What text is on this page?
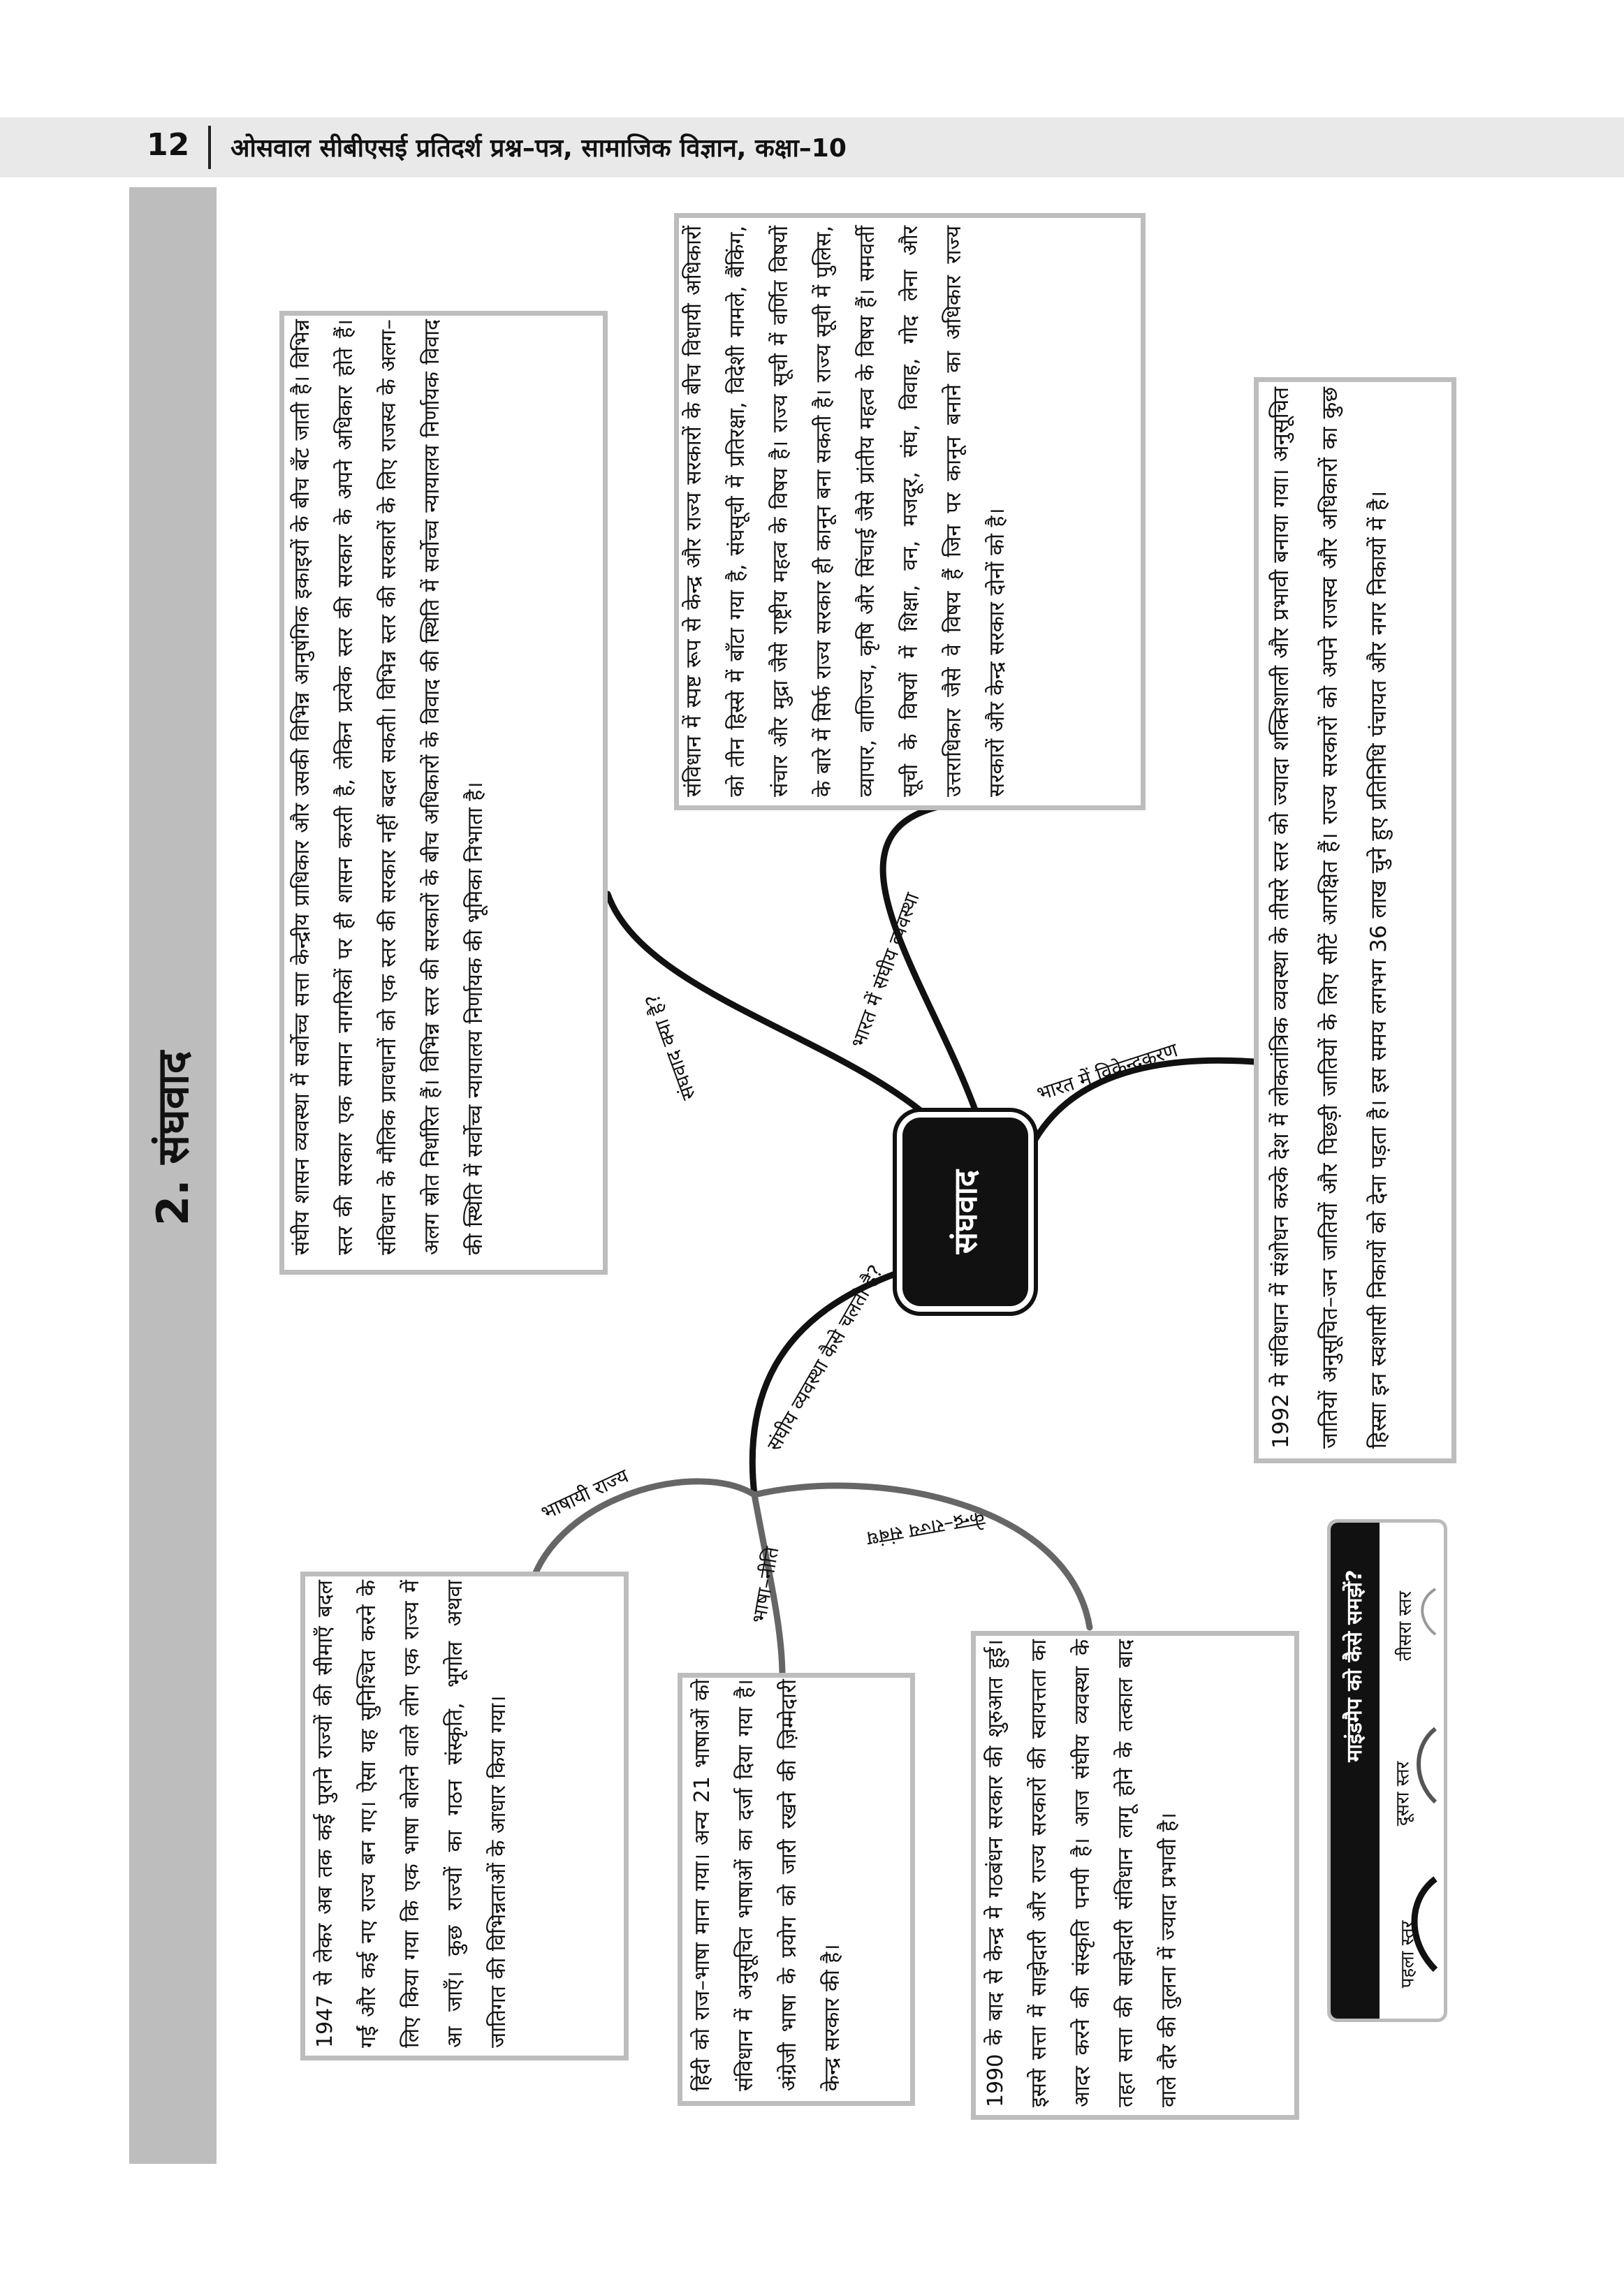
12 ओसवाल सीबीएसई प्रतिदर्श प्रश्न–पत्र, सामाजिक विज्ञान, कक्षा–10
2. संघवाद	संघीय शासन व्यवस्था में सर्वोच्च सत्ता केन्द्रीय प्राधिकार और उसकी विभिन्न आनुषंगिक इकाइयों के बीच बँट जाती है। विभिन्न स्तर की सरकार एक समान नागरिकों पर ही शासन करती है, लेकिन प्रत्येक स्तर की सरकार के अपने अधिकार होते हैं। संविधान के मौलिक प्रावधानों को एक स्तर की सरकार नहीं बदल सकती। विभिन्न स्तर की सरकारों के लिए राजस्व के अलग–अलग स्रोत निर्धारित हैं। विभिन्न स्तर की सरकारों के बीच अधिकारों के विवाद की स्थिति में सर्वोच्च न्यायालय निर्णायक विवाद की स्थिति में सर्वोच्च न्यायालय निर्णायक की भूमिका निभाता है।
संविधान में स्पष्ट रूप से केन्द्र और राज्य सरकारों के बीच विधायी अधिकारों को तीन हिस्से में बाँटा गया है, संघसूची में प्रतिरक्षा, विदेशी मामले, बैंकिंग, संचार और मुद्रा जैसे राष्ट्रीय महत्व के विषय है। राज्य सूची में वर्णित विषयों के बारे में सिर्फ राज्य सरकार ही कानून बना सकती है। राज्य सूची में पुलिस, व्यापार, वाणिज्य, कृषि और सिंचाई जैसे प्रांतीय महत्व के विषय हैं। समवर्ती सूची के विषयों में शिक्षा, वन, मजदूर, संघ, विवाह, गोद लेना और उत्तराधिकार जैसे वे विषय हैं जिन पर कानून बनाने का अधिकार राज्य सरकारों और केन्द्र सरकार दोनों को है।	1992 मे संविधान में संशोधन करके देश में लोकतांत्रिक व्यवस्था के तीसरे स्तर को ज्यादा शक्तिशाली और प्रभावी बनाया गया। अनुसूचित जातियों अनुसूचित–जन जातियों और पिछड़ी जातियों के लिए सीटें आरक्षित हैं। राज्य सरकारों को अपने राजस्व और अधिकारों का कुछ हिस्सा इन स्वशासी निकायों को देना पड़ता है। इस समय लगभग 36 लाख चुने हुए प्रतिनिधि पंचायत और नगर निकायों में है।
1947 से लेकर अब तक कई पुराने राज्यों की सीमाएँ बदल गईं और कई नए राज्य बन गए। ऐसा यह सुनिश्चित करने के लिए किया गया कि एक भाषा बोलने वाले लोग एक राज्य में आ जाएँ। कुछ राज्यों का गठन संस्कृति, भूगोल अथवा जातिगत की विभिन्नताओं के आधार किया गया।	हिंदी को राज–भाषा माना गया। अन्य 21 भाषाओं को संविधान में अनुसूचित भाषाओं का दर्जा दिया गया है। अंग्रेजी भाषा के प्रयोग को जारी रखने की ज़िम्मेदारी केन्द्र सरकार की है।	1990 के बाद से केन्द्र मे गठबंधन सरकार की शुरुआत हुई। इससे सत्ता में साझेदारी और राज्य सरकारों की स्वायत्तता का आदर करने की संस्कृति पनपी है। आज संघीय व्यवस्था के तहत सत्ता की साझेदारी संविधान लागू होने के तत्काल बाद वाले दौर की तुलना में ज्यादा प्रभावी है।
संघवाद क्या है?	भारत में संघीय व्यवस्था
भारत में विकेन्द्रकरण
संघीय व्यवस्था कैसे चलती है?
भाषायी राज्य
भाषा–नीति
केन्द्र–राज्य संबंध
संघवाद
माइंडमैप को कैसे समझें?
पहला स्तर
दूसरा स्तर
तीसरा स्तर
